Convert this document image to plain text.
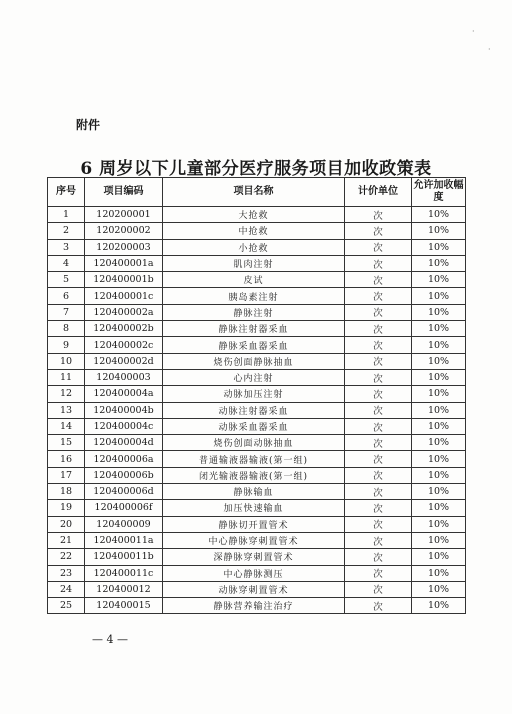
·
·
附件
6 周岁以下儿童部分医疗服务项目加收政策表
序号	项目编码	项目名称	计价单位	允许加收幅度
1	120200001	大抢救	次	10%
2	120200002	中抢救	次	10%
3	120200003	小抢救	次	10%
4	120400001a	肌肉注射	次	10%
5	120400001b	皮试	次	10%
6	120400001c	胰岛素注射	次	10%
7	120400002a	静脉注射	次	10%
8	120400002b	静脉注射器采血	次	10%
9	120400002c	静脉采血器采血	次	10%
10	120400002d	烧伤创面静脉抽血	次	10%
11	120400003	心内注射	次	10%
12	120400004a	动脉加压注射	次	10%
13	120400004b	动脉注射器采血	次	10%
14	120400004c	动脉采血器采血	次	10%
15	120400004d	烧伤创面动脉抽血	次	10%
16	120400006a	普通输液器输液(第一组)	次	10%
17	120400006b	闭光输液器输液(第一组)	次	10%
18	120400006d	静脉输血	次	10%
19	120400006f	加压快速输血	次	10%
20	120400009	静脉切开置管术	次	10%
21	120400011a	中心静脉穿刺置管术	次	10%
22	120400011b	深静脉穿刺置管术	次	10%
23	120400011c	中心静脉测压	次	10%
24	120400012	动脉穿刺置管术	次	10%
25	120400015	静脉营养输注治疗	次	10%
— 4 —
